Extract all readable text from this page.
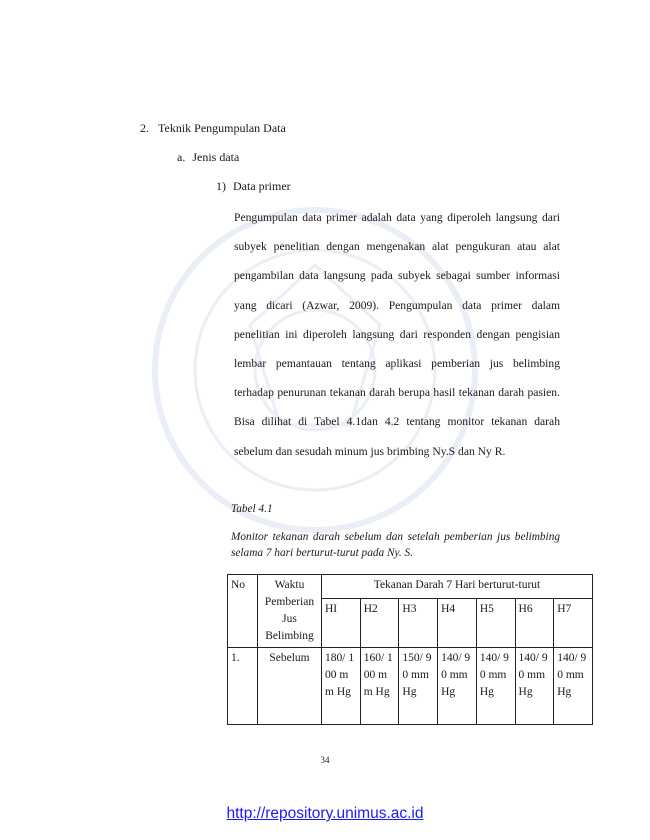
2. Teknik Pengumpulan Data
a. Jenis data
1) Data primer
Pengumpulan data primer adalah data yang diperoleh langsung dari subyek penelitian dengan mengenakan alat pengukuran atau alat pengambilan data langsung pada subyek sebagai sumber informasi yang dicari (Azwar, 2009). Pengumpulan data primer dalam penelitian ini diperoleh langsung dari responden dengan pengisian lembar pemantauan tentang aplikasi pemberian jus belimbing terhadap penurunan tekanan darah berupa hasil tekanan darah pasien. Bisa dilihat di Tabel 4.1dan 4.2 tentang monitor tekanan darah sebelum dan sesudah minum jus brimbing Ny.S dan Ny R.
Tabel 4.1
Monitor tekanan darah sebelum dan setelah pemberian jus belimbing selama 7 hari berturut-turut pada Ny. S.
No	Waktu Pemberian Jus Belimbing	Tekanan Darah 7 Hari berturut-turut						
		HI	H2	H3	H4	H5	H6	H7
1.	Sebelum	180/ 100 mm Hg	160/ 100 mm Hg	150/ 90 mm Hg	140/ 90 mm Hg	140/ 90 mm Hg	140/ 90 mm Hg	140/ 90 mm Hg
34
http://repository.unimus.ac.id
